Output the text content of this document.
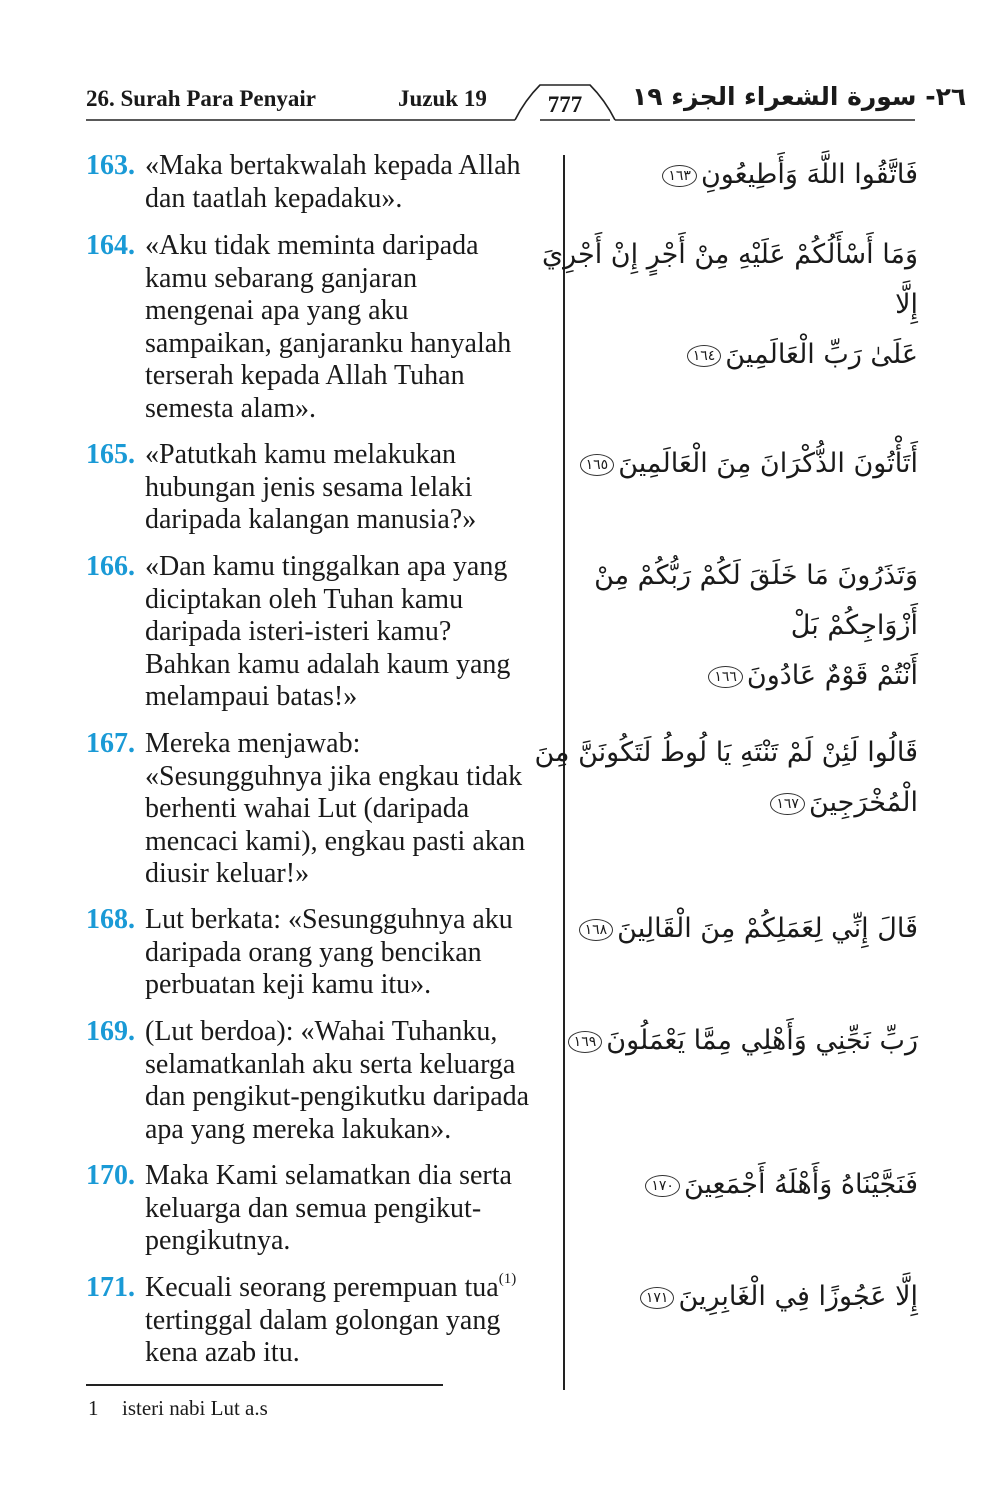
26. Surah Para Penyair	Juzuk 19	777	الجزء ١٩ ٢٦- سورة الشعراء
163. «Maka bertakwalah kepada Allah
dan taatlah kepadaku».
فَاتَّقُوا اللَّهَ وَأَطِيعُونِ١٦٣
164. «Aku tidak meminta daripada
kamu sebarang ganjaran
mengenai apa yang aku
sampaikan, ganjaranku hanyalah
terserah kepada Allah Tuhan
semesta alam».
وَمَا أَسْأَلُكُمْ عَلَيْهِ مِنْ أَجْرٍ إِنْ أَجْرِيَ إِلَّا
عَلَىٰ رَبِّ الْعَالَمِينَ١٦٤
165. «Patutkah kamu melakukan
hubungan jenis sesama lelaki
daripada kalangan manusia?»
أَتَأْتُونَ الذُّكْرَانَ مِنَ الْعَالَمِينَ١٦٥
166. «Dan kamu tinggalkan apa yang
diciptakan oleh Tuhan kamu
daripada isteri-isteri kamu?
Bahkan kamu adalah kaum yang
melampaui batas!»
وَتَذَرُونَ مَا خَلَقَ لَكُمْ رَبُّكُمْ مِنْ أَزْوَاجِكُمْ بَلْ
أَنْتُمْ قَوْمٌ عَادُونَ١٦٦
167. Mereka menjawab:
«Sesungguhnya jika engkau tidak
berhenti wahai Lut (daripada
mencaci kami), engkau pasti akan
diusir keluar!»
قَالُوا لَئِنْ لَمْ تَنْتَهِ يَا لُوطُ لَتَكُونَنَّ مِنَ
الْمُخْرَجِينَ١٦٧
168. Lut berkata: «Sesungguhnya aku
daripada orang yang bencikan
perbuatan keji kamu itu».
قَالَ إِنِّي لِعَمَلِكُمْ مِنَ الْقَالِينَ١٦٨
169. (Lut berdoa): «Wahai Tuhanku,
selamatkanlah aku serta keluarga
dan pengikut-pengikutku daripada
apa yang mereka lakukan».
رَبِّ نَجِّنِي وَأَهْلِي مِمَّا يَعْمَلُونَ١٦٩
170. Maka Kami selamatkan dia serta
keluarga dan semua pengikut-
pengikutnya.
فَنَجَّيْنَاهُ وَأَهْلَهُ أَجْمَعِينَ١٧٠
171. Kecuali seorang perempuan tua$^{(1)}$
tertinggal dalam golongan yang
kena azab itu.
إِلَّا عَجُوزًا فِي الْغَابِرِينَ١٧١
1 isteri nabi Lut a.s
